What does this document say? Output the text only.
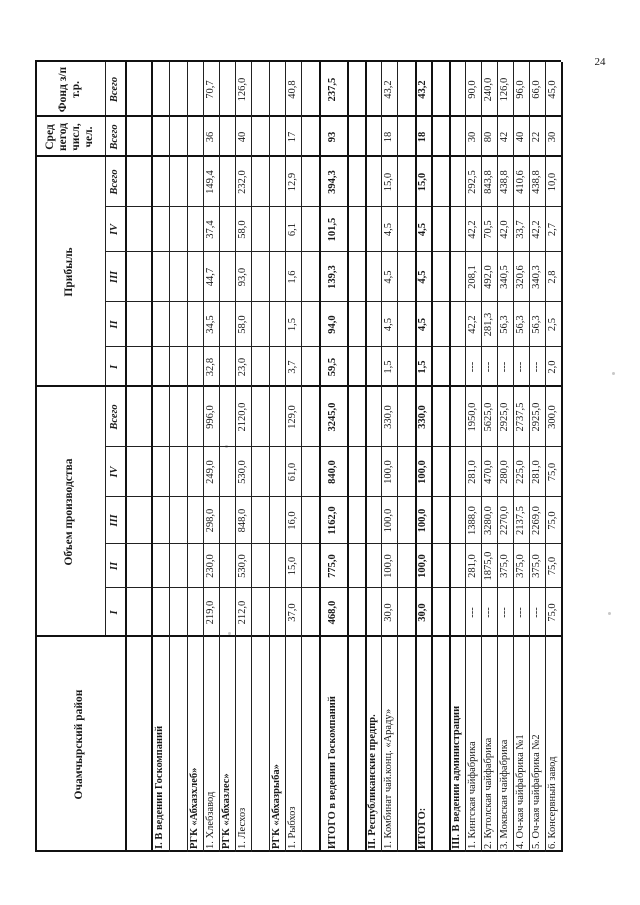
24
Очамчырский район
Объем производства
Прибыль
Сред негод числ, чел.
Фонд з/п т.р.
I
II
III
IV
Всего
I
II
III
IV
Всего
Всего
Всего
I. В ведении Госкомпаний	РГК «Абхазхлеб» 1. Хлебзавод
219,0
230,0
298,0
249,0
996,0
32,8
34,5
44,7
37,4
149,4
36
70,7
РГК «Абхазлес» 1. Лесхоз
212,0
530,0
848,0
530,0
2120,0
23,0
58,0
93,0
58,0
232,0
40
126,0
РГК «Абхазрыба» 1. Рыбхоз
37,0
15,0
16,0
61,0
129,0
3,7
1,5
1,6
6,1
12,9
17
40,8
ИТОГО в ведении Госкомпаний
468,0
775,0
1162,0
840,0
3245,0
59,5
94,0
139,3
101,5
394,3
93
237,5
II. Республиканские предпр. 1. Комбинат чай.конц. «Араду»
30,0
100,0
100,0
100,0
330,0
1,5
4,5
4,5
4,5
15,0
18
43,2
ИТОГО:
30,0
100,0
100,0
100,0
330,0
1,5
4,5
4,5
4,5
15,0
18
43,2
III. В ведении администрации 1. Кингская чайфабрика
---
281,0
1388,0
281,0
1950,0
---
42,2
208,1
42,2
292,5
30
90,0
2. Кутолская чайфабрика
---
1875,0
3280,0
470,0
5625,0
---
281,3
492,0
70,5
843,8
80
240,0
3. Моквская чайфабрика
---
375,0
2270,0
280,0
2925,0
---
56,3
340,5
42,0
438,8
42
126,0
4. Оч-кая чайфабрика №1
---
375,0
2137,5
225,0
2737,5
---
56,3
320,6
33,7
410,6
40
96,0
5. Оч-кая чайфабрика №2
---
375,0
2269,0
281,0
2925,0
---
56,3
340,3
42,2
438,8
22
66,0
6. Консервный завод
75,0
75,0
75,0
75,0
300,0
2,0
2,5
2,8
2,7
10,0
30
45,0
